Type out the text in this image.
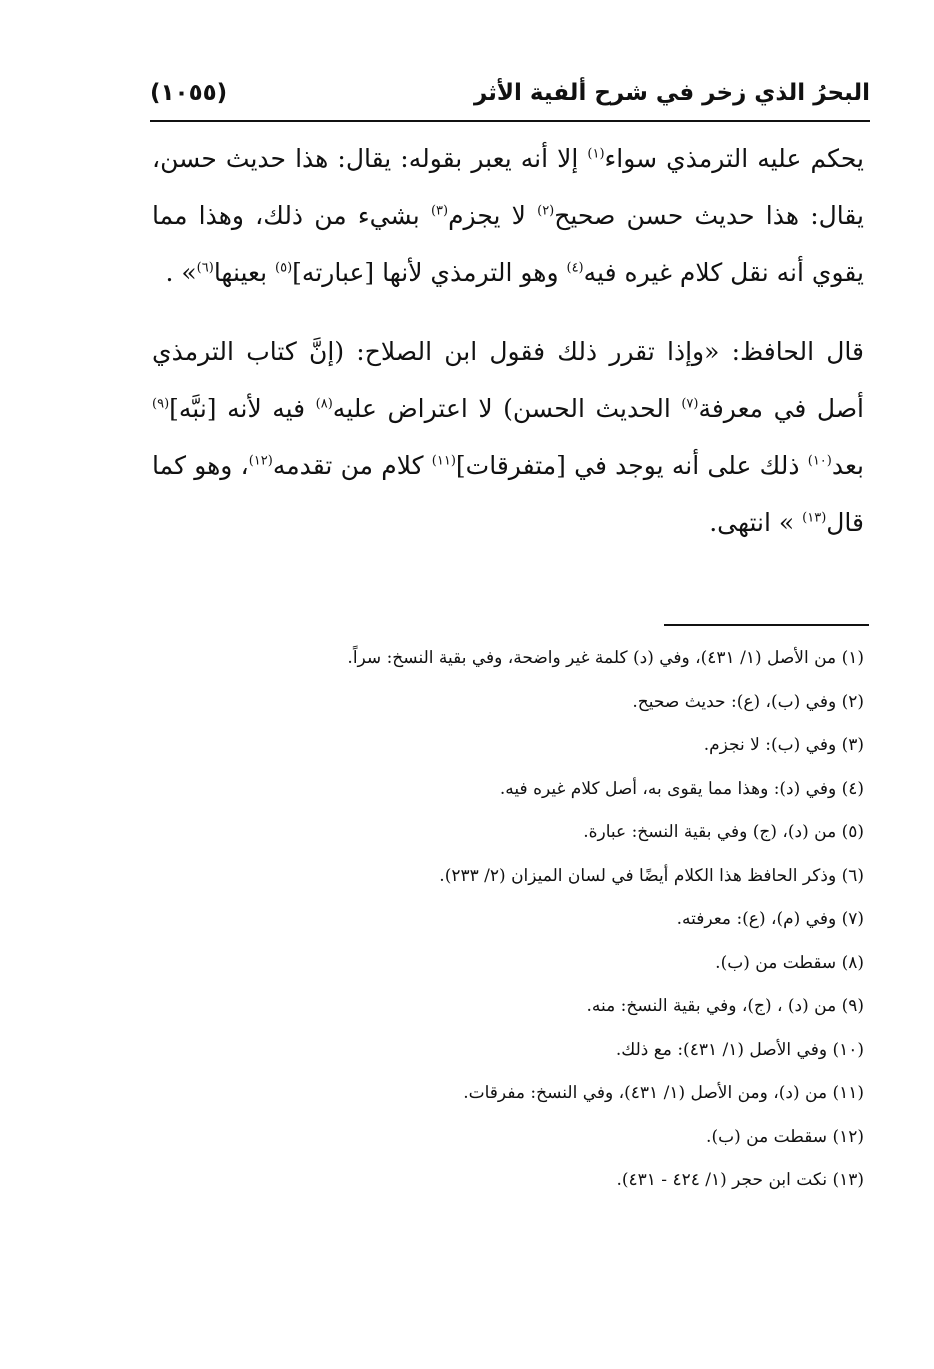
البحرُ الذي زخر في شرح ألفية الأثر
(١٠٥٥)

يحكم عليه الترمذي سواء$^{(١)}$ إلا أنه يعبر بقوله: يقال: هذا حديث حسن، يقال: هذا حديث حسن صحيح$^{(٢)}$ لا يجزم$^{(٣)}$ بشيء من ذلك، وهذا مما يقوي أنه نقل كلام غيره فيه$^{(٤)}$ وهو الترمذي لأنها [عبارته]$^{(٥)}$ بعينها$^{(٦)}$» .

قال الحافظ: «وإذا تقرر ذلك فقول ابن الصلاح: (إنَّ كتاب الترمذي أصل في معرفة$^{(٧)}$ الحديث الحسن) لا اعتراض عليه$^{(٨)}$ فيه لأنه [نبَّه]$^{(٩)}$ بعد$^{(١٠)}$ ذلك على أنه يوجد في [متفرقات]$^{(١١)}$ كلام من تقدمه$^{(١٢)}$، وهو كما قال$^{(١٣)}$ » انتهى.

(١) من الأصل (١/ ٤٣١)، وفي (د) كلمة غير واضحة، وفي بقية النسخ: سراً.

(٢) وفي (ب)، (ع): حديث صحيح.

(٣) وفي (ب): لا نجزم.

(٤) وفي (د): وهذا مما يقوى به، أصل كلام غيره فيه.

(٥) من (د)، (ج) وفي بقية النسخ: عبارة.

(٦) وذكر الحافظ هذا الكلام أيضًا في لسان الميزان (٢/ ٢٣٣).

(٧) وفي (م)، (ع): معرفته.

(٨) سقطت من (ب).

(٩) من (د) ، (ج)، وفي بقية النسخ: منه.

(١٠) وفي الأصل (١/ ٤٣١): مع ذلك.

(١١) من (د)، ومن الأصل (١/ ٤٣١)، وفي النسخ: مفرقات.

(١٢) سقطت من (ب).

(١٣) نكت ابن حجر (١/ ٤٢٤ - ٤٣١).
